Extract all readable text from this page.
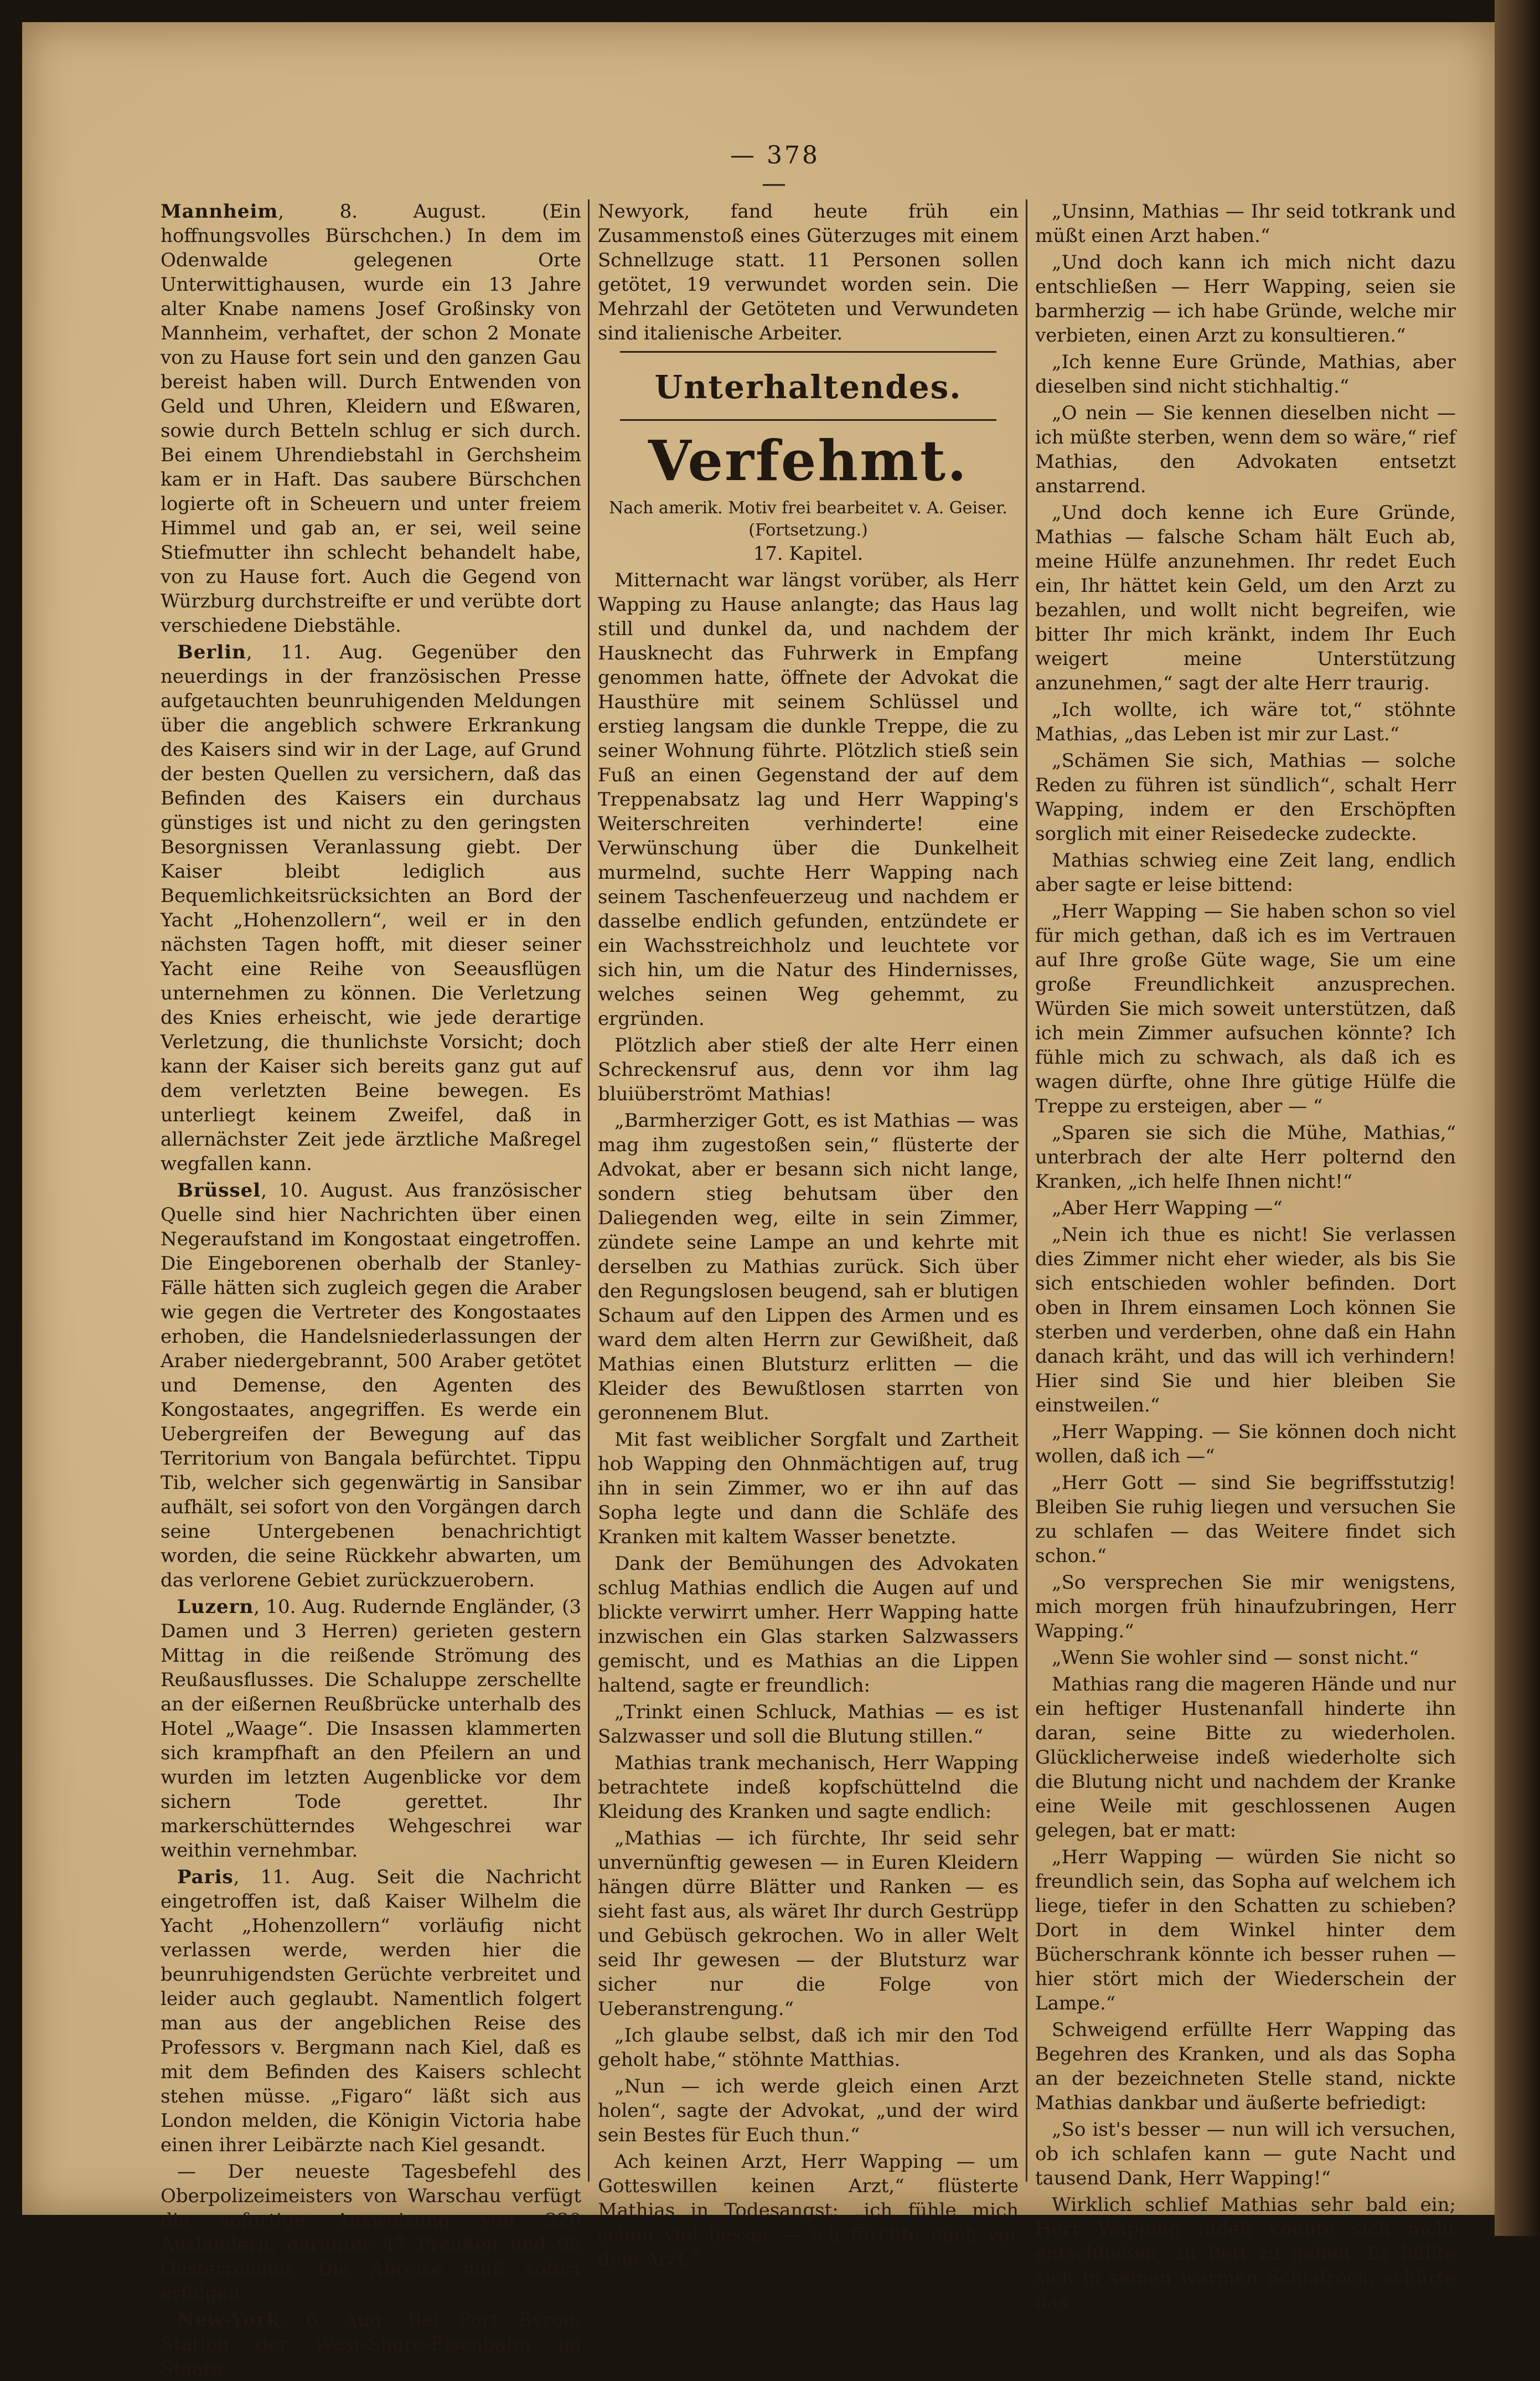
— 378 —

Mannheim, 8. August. (Ein hoffnungsvolles Bürschchen.) In dem im Odenwalde gelegenen Orte Unterwittighausen, wurde ein 13 Jahre alter Knabe namens Josef Großinsky von Mannheim, verhaftet, der schon 2 Monate von zu Hause fort sein und den ganzen Gau bereist haben will. Durch Entwenden von Geld und Uhren, Kleidern und Eßwaren, sowie durch Betteln schlug er sich durch. Bei einem Uhrendiebstahl in Gerchsheim kam er in Haft. Das saubere Bürschchen logierte oft in Scheuern und unter freiem Himmel und gab an, er sei, weil seine Stiefmutter ihn schlecht behandelt habe, von zu Hause fort. Auch die Gegend von Würzburg durchstreifte er und verübte dort verschiedene Diebstähle.

Berlin, 11. Aug. Gegenüber den neuerdings in der französischen Presse aufgetauchten beunruhigenden Meldungen über die angeblich schwere Erkrankung des Kaisers sind wir in der Lage, auf Grund der besten Quellen zu versichern, daß das Befinden des Kaisers ein durchaus günstiges ist und nicht zu den geringsten Besorgnissen Veranlassung giebt. Der Kaiser bleibt lediglich aus Bequemlichkeitsrücksichten an Bord der Yacht „Hohenzollern“, weil er in den nächsten Tagen hofft, mit dieser seiner Yacht eine Reihe von Seeausflügen unternehmen zu können. Die Verletzung des Knies erheischt, wie jede derartige Verletzung, die thunlichste Vorsicht; doch kann der Kaiser sich bereits ganz gut auf dem verletzten Beine bewegen. Es unterliegt keinem Zweifel, daß in allernächster Zeit jede ärztliche Maßregel wegfallen kann.

Brüssel, 10. August. Aus französischer Quelle sind hier Nachrichten über einen Negeraufstand im Kongostaat eingetroffen. Die Eingeborenen oberhalb der Stanley-Fälle hätten sich zugleich gegen die Araber wie gegen die Vertreter des Kongostaates erhoben, die Handelsniederlassungen der Araber niedergebrannt, 500 Araber getötet und Demense, den Agenten des Kongostaates, angegriffen. Es werde ein Uebergreifen der Bewegung auf das Territorium von Bangala befürchtet. Tippu Tib, welcher sich gegenwärtig in Sansibar aufhält, sei sofort von den Vorgängen darch seine Untergebenen benachrichtigt worden, die seine Rückkehr abwarten, um das verlorene Gebiet zurückzuerobern.

Luzern, 10. Aug. Rudernde Engländer, (3 Damen und 3 Herren) gerieten gestern Mittag in die reißende Strömung des Reußausflusses. Die Schaluppe zerschellte an der eißernen Reußbrücke unterhalb des Hotel „Waage“. Die Insassen klammerten sich krampfhaft an den Pfeilern an und wurden im letzten Augenblicke vor dem sichern Tode gerettet. Ihr markerschütterndes Wehgeschrei war weithin vernehmbar.

Paris, 11. Aug. Seit die Nachricht eingetroffen ist, daß Kaiser Wilhelm die Yacht „Hohenzollern“ vorläufig nicht verlassen werde, werden hier die beunruhigendsten Gerüchte verbreitet und leider auch geglaubt. Namentlich folgert man aus der angeblichen Reise des Professors v. Bergmann nach Kiel, daß es mit dem Befinden des Kaisers schlecht stehen müsse. „Figaro“ läßt sich aus London melden, die Königin Victoria habe einen ihrer Leibärzte nach Kiel gesandt.

— Der neueste Tagesbefehl des Oberpolizeimeisters von Warschau verfügt die sofortige Ausweisung von 220 Ausländern, darunter 47 Preußen und 95 Oesterreicher. Die Abreise muß sofort erfolgen.

New-York, 6. Aug. Bei Port Byron, Station der West-Shore-Eisenbahn im Staate

Newyork, fand heute früh ein Zusammenstoß eines Güterzuges mit einem Schnellzuge statt. 11 Personen sollen getötet, 19 verwundet worden sein. Die Mehrzahl der Getöteten und Verwundeten sind italienische Arbeiter.

Unterhaltendes.
Verfehmt.
Nach amerik. Motiv frei bearbeitet v. A. Geiser. (Fortsetzung.)

17. Kapitel.

Mitternacht war längst vorüber, als Herr Wapping zu Hause anlangte; das Haus lag still und dunkel da, und nachdem der Hausknecht das Fuhrwerk in Empfang genommen hatte, öffnete der Advokat die Hausthüre mit seinem Schlüssel und erstieg langsam die dunkle Treppe, die zu seiner Wohnung führte. Plötzlich stieß sein Fuß an einen Gegenstand der auf dem Treppenabsatz lag und Herr Wapping's Weiterschreiten verhinderte! eine Verwünschung über die Dunkelheit murmelnd, suchte Herr Wapping nach seinem Taschenfeuerzeug und nachdem er dasselbe endlich gefunden, entzündete er ein Wachsstreichholz und leuchtete vor sich hin, um die Natur des Hindernisses, welches seinen Weg gehemmt, zu ergründen.

Plötzlich aber stieß der alte Herr einen Schreckensruf aus, denn vor ihm lag bluiüberströmt Mathias!

„Barmherziger Gott, es ist Mathias — was mag ihm zugestoßen sein,“ flüsterte der Advokat, aber er besann sich nicht lange, sondern stieg behutsam über den Daliegenden weg, eilte in sein Zimmer, zündete seine Lampe an und kehrte mit derselben zu Mathias zurück. Sich über den Regungslosen beugend, sah er blutigen Schaum auf den Lippen des Armen und es ward dem alten Herrn zur Gewißheit, daß Mathias einen Blutsturz erlitten — die Kleider des Bewußtlosen starrten von geronnenem Blut.

Mit fast weiblicher Sorgfalt und Zartheit hob Wapping den Ohnmächtigen auf, trug ihn in sein Zimmer, wo er ihn auf das Sopha legte und dann die Schläfe des Kranken mit kaltem Wasser benetzte.

Dank der Bemühungen des Advokaten schlug Mathias endlich die Augen auf und blickte verwirrt umher. Herr Wapping hatte inzwischen ein Glas starken Salzwassers gemischt, und es Mathias an die Lippen haltend, sagte er freundlich:

„Trinkt einen Schluck, Mathias — es ist Salzwasser und soll die Blutung stillen.“

Mathias trank mechanisch, Herr Wapping betrachtete indeß kopfschüttelnd die Kleidung des Kranken und sagte endlich:

„Mathias — ich fürchte, Ihr seid sehr unvernünftig gewesen — in Euren Kleidern hängen dürre Blätter und Ranken — es sieht fast aus, als wäret Ihr durch Gestrüpp und Gebüsch gekrochen. Wo in aller Welt seid Ihr gewesen — der Blutsturz war sicher nur die Folge von Ueberanstrengung.“

„Ich glaube selbst, daß ich mir den Tod geholt habe,“ stöhnte Matthias.

„Nun — ich werde gleich einen Arzt holen“, sagte der Advokat, „und der wird sein Bestes für Euch thun.“

Ach keinen Arzt, Herr Wapping — um Gotteswillen keinen Arzt,“ flüsterte Mathias in Todesangst; „ich fühle mich schon viel besser — ich fürchte mich vor dem Arzt.“

„Unsinn, Mathias — Ihr seid totkrank und müßt einen Arzt haben.“

„Und doch kann ich mich nicht dazu entschließen — Herr Wapping, seien sie barmherzig — ich habe Gründe, welche mir verbieten, einen Arzt zu konsultieren.“

„Ich kenne Eure Gründe, Mathias, aber dieselben sind nicht stichhaltig.“

„O nein — Sie kennen dieselben nicht — ich müßte sterben, wenn dem so wäre,“ rief Mathias, den Advokaten entsetzt anstarrend.

„Und doch kenne ich Eure Gründe, Mathias — falsche Scham hält Euch ab, meine Hülfe anzunehmen. Ihr redet Euch ein, Ihr hättet kein Geld, um den Arzt zu bezahlen, und wollt nicht begreifen, wie bitter Ihr mich kränkt, indem Ihr Euch weigert meine Unterstützung anzunehmen,“ sagt der alte Herr traurig.

„Ich wollte, ich wäre tot,“ stöhnte Mathias, „das Leben ist mir zur Last.“

„Schämen Sie sich, Mathias — solche Reden zu führen ist sündlich“, schalt Herr Wapping, indem er den Erschöpften sorglich mit einer Reisedecke zudeckte.

Mathias schwieg eine Zeit lang, endlich aber sagte er leise bittend:

„Herr Wapping — Sie haben schon so viel für mich gethan, daß ich es im Vertrauen auf Ihre große Güte wage, Sie um eine große Freundlichkeit anzusprechen. Würden Sie mich soweit unterstützen, daß ich mein Zimmer aufsuchen könnte? Ich fühle mich zu schwach, als daß ich es wagen dürfte, ohne Ihre gütige Hülfe die Treppe zu ersteigen, aber — “

„Sparen sie sich die Mühe, Mathias,“ unterbrach der alte Herr polternd den Kranken, „ich helfe Ihnen nicht!“

„Aber Herr Wapping —“

„Nein ich thue es nicht! Sie verlassen dies Zimmer nicht eher wieder, als bis Sie sich entschieden wohler befinden. Dort oben in Ihrem einsamen Loch können Sie sterben und verderben, ohne daß ein Hahn danach kräht, und das will ich verhindern! Hier sind Sie und hier bleiben Sie einstweilen.“

„Herr Wapping. — Sie können doch nicht wollen, daß ich —“

„Herr Gott — sind Sie begriffsstutzig! Bleiben Sie ruhig liegen und versuchen Sie zu schlafen — das Weitere findet sich schon.“

„So versprechen Sie mir wenigstens, mich morgen früh hinaufzubringen, Herr Wapping.“

„Wenn Sie wohler sind — sonst nicht.“

Mathias rang die mageren Hände und nur ein heftiger Hustenanfall hinderte ihn daran, seine Bitte zu wiederholen. Glücklicherweise indeß wiederholte sich die Blutung nicht und nachdem der Kranke eine Weile mit geschlossenen Augen gelegen, bat er matt:

„Herr Wapping — würden Sie nicht so freundlich sein, das Sopha auf welchem ich liege, tiefer in den Schatten zu schieben? Dort in dem Winkel hinter dem Bücherschrank könnte ich besser ruhen — hier stört mich der Wiederschein der Lampe.“

Schweigend erfüllte Herr Wapping das Begehren des Kranken, und als das Sopha an der bezeichneten Stelle stand, nickte Mathias dankbar und äußerte befriedigt:

„So ist's besser — nun will ich versuchen, ob ich schlafen kann — gute Nacht und tausend Dank, Herr Wapping!“

Wirklich schlief Mathias sehr bald ein; Herr Wapping indeß konnte sich nicht entschließen, zu Bett zu gehen. Er hüllte sich in seinen warmen Schlafrock, schürte das
